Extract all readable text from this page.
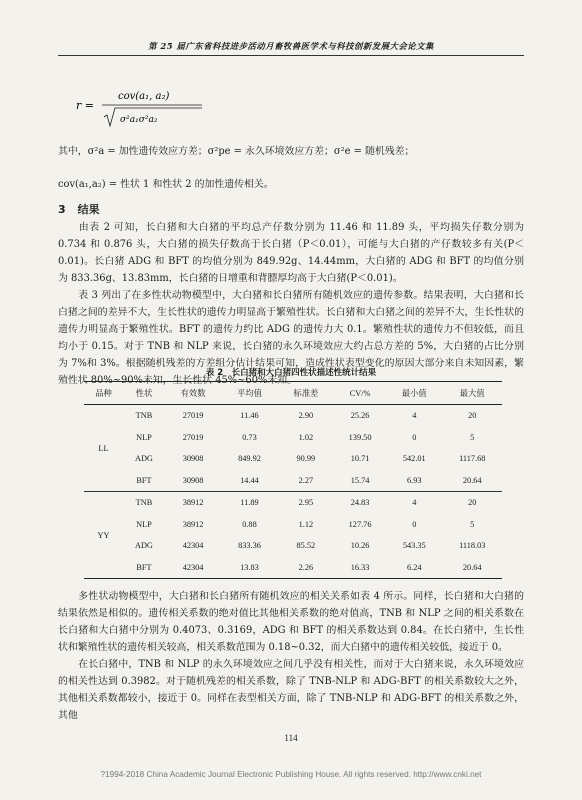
第 25 届广东省科技进步活动月畜牧兽医学术与科技创新发展大会论文集
r =
cov(a₁, a₂)
σ²a₁σ²a₂
其中，σ²a = 加性遗传效应方差；σ²pe = 永久环境效应方差；σ²e = 随机残差；
cov(a₁,a₂) = 性状 1 和性状 2 的加性遗传相关。
3 结果
由表 2 可知，长白猪和大白猪的平均总产仔数分别为 11.46 和 11.89 头，平均损失仔数分别为 0.734 和 0.876 头，大白猪的损失仔数高于长白猪（P＜0.01），可能与大白猪的产仔数较多有关(P＜0.01)。长白猪 ADG 和 BFT 的均值分别为 849.92g、14.44mm，大白猪的 ADG 和 BFT 的均值分别为 833.36g、13.83mm，长白猪的日增重和背膘厚均高于大白猪(P＜0.01)。
表 3 列出了在多性状动物模型中，大白猪和长白猪所有随机效应的遗传参数。结果表明，大白猪和长白猪之间的差异不大，生长性状的遗传力明显高于繁殖性状。长白猪和大白猪之间的差异不大，生长性状的遗传力明显高于繁殖性状。BFT 的遗传力约比 ADG 的遗传力大 0.1。繁殖性状的遗传力不但较低，而且均小于 0.15。对于 TNB 和 NLP 来说，长白猪的永久环境效应大约占总方差的 5%，大白猪的占比分别为 7%和 3%。根据随机残差的方差组分估计结果可知，造成性状表型变化的原因大部分来自未知因素，繁殖性状 80%~90%未知，生长性状 45%~60%未知。
表 2　长白猪和大白猪四性状描述性统计结果
品种	性状	有效数	平均值	标准差	CV/%	最小值	最大值
LL	TNB	27019	11.46	2.90	25.26	4	20
	NLP	27019	0.73	1.02	139.50	0	5
	ADG	30908	849.92	90.99	10.71	542.01	1117.68
	BFT	30908	14.44	2.27	15.74	6.93	20.64
YY	TNB	38912	11.89	2.95	24.83	4	20
	NLP	38912	0.88	1.12	127.76	0	5
	ADG	42304	833.36	85.52	10.26	543.35	1118.03
	BFT	42304	13.83	2.26	16.33	6.24	20.64
多性状动物模型中，大白猪和长白猪所有随机效应的相关关系如表 4 所示。同样，长白猪和大白猪的结果依然是相似的。遗传相关系数的绝对值比其他相关系数的绝对值高，TNB 和 NLP 之间的相关系数在长白猪和大白猪中分别为 0.4073、0.3169，ADG 和 BFT 的相关系数达到 0.84。在长白猪中，生长性状和繁殖性状的遗传相关较高，相关系数范围为 0.18~0.32，而大白猪中的遗传相关较低，接近于 0。
在长白猪中，TNB 和 NLP 的永久环境效应之间几乎没有相关性，而对于大白猪来说，永久环境效应的相关性达到 0.3982。对于随机残差的相关系数，除了 TNB-NLP 和 ADG-BFT 的相关系数较大之外，其他相关系数都较小，接近于 0。同样在表型相关方面，除了 TNB-NLP 和 ADG-BFT 的相关系数之外，其他
114
?1994-2018 China Academic Journal Electronic Publishing House. All rights reserved. http://www.cnki.net
